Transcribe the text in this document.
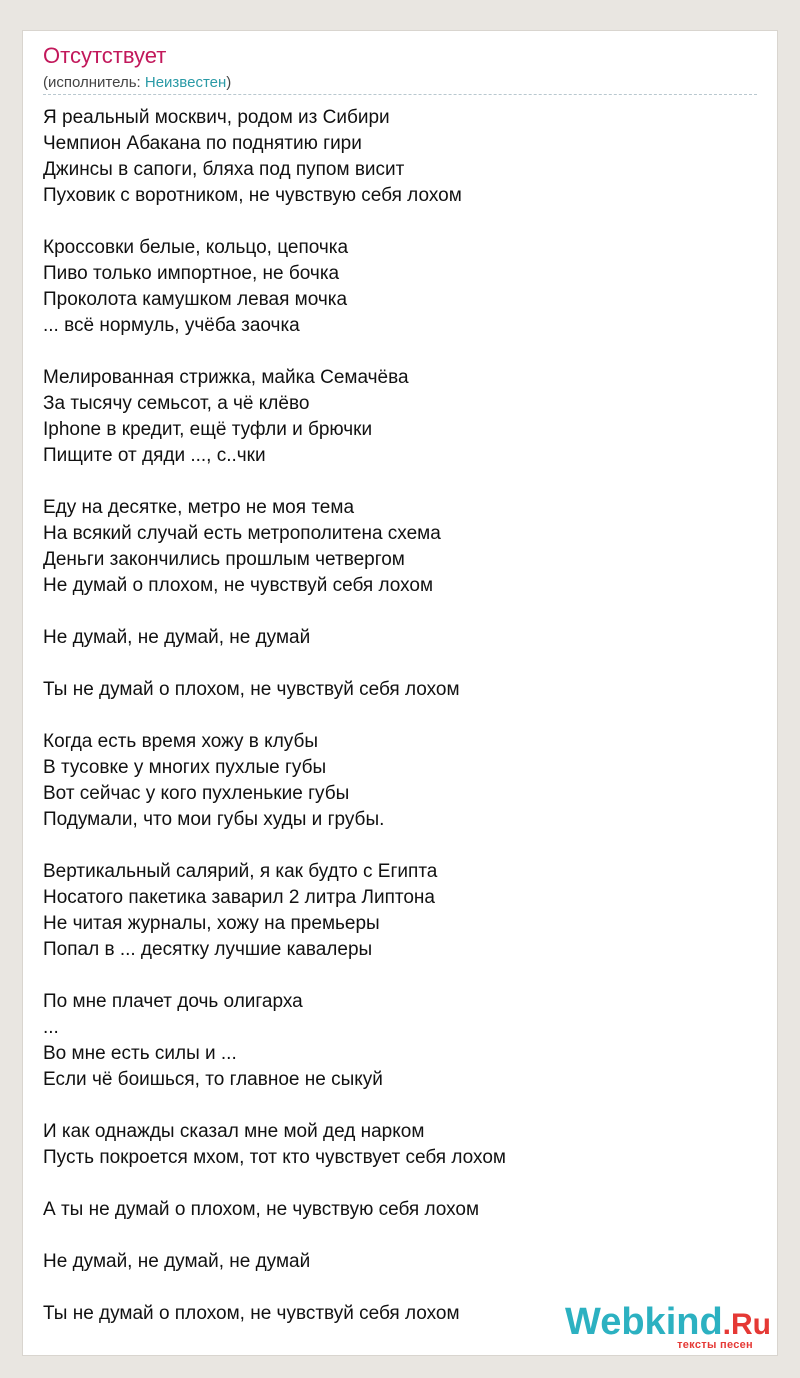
Отсутствует
(исполнитель: Неизвестен)
Я реальный москвич, родом из Сибири
Чемпион Абакана по поднятию гири
Джинсы в сапоги, бляха под пупом висит
Пуховик с воротником, не чувствую себя лохом
Кроссовки белые, кольцо, цепочка
Пиво только импортное, не бочка
Проколота камушком левая мочка
... всё нормуль, учёба заочка
Мелированная стрижка, майка Семачёва
За тысячу семьсот, а чё клёво
Iphone в кредит, ещё туфли и брючки
Пищите от дяди ..., с..чки
Еду на десятке, метро не моя тема
На всякий случай есть метрополитена схема
Деньги закончились прошлым четвергом
Не думай о плохом, не чувствуй себя лохом
Не думай, не думай, не думай
Ты не думай о плохом, не чувствуй себя лохом
Когда есть время хожу в клубы
В тусовке у многих пухлые губы
Вот сейчас у кого пухленькие губы
Подумали, что мои губы худы и грубы.
Вертикальный салярий, я как будто с Египта
Носатого пакетика заварил 2 литра Липтона
Не читая журналы, хожу на премьеры
Попал в ... десятку лучшие кавалеры
По мне плачет дочь олигарха
...
Во мне есть силы и ...
Если чё боишься, то главное не сыкуй
И как однажды сказал мне мой дед нарком
Пусть покроется мхом, тот кто чувствует себя лохом
А ты не думай о плохом, не чувствую себя лохом
Не думай, не думай, не думай
Ты не думай о плохом, не чувствуй себя лохом	Webkind.Ru
тексты песен
